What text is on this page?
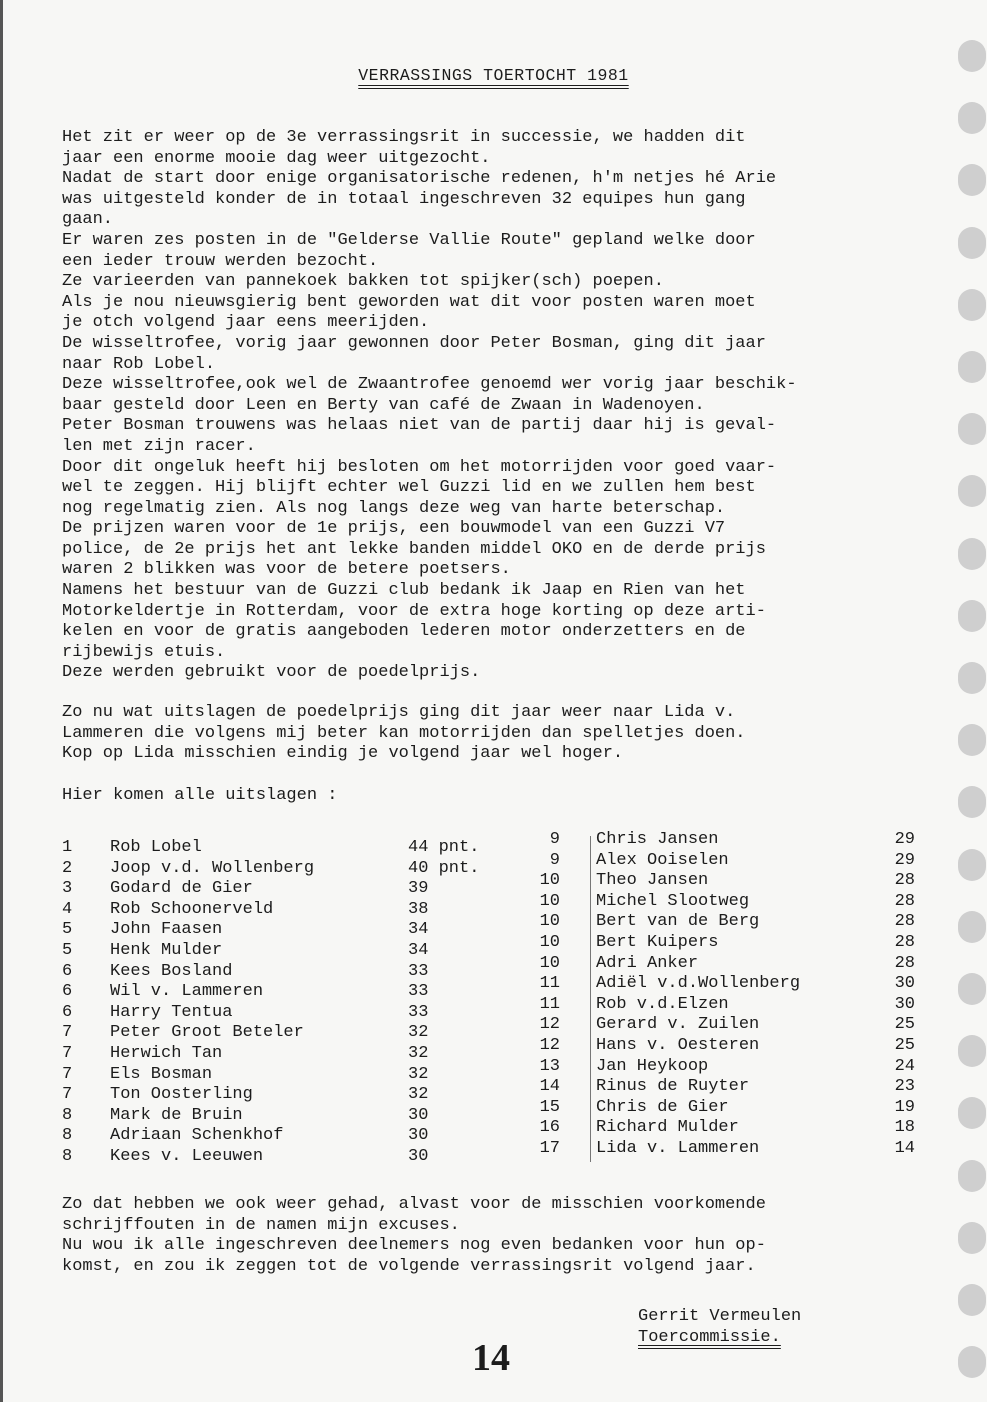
VERRASSINGS TOERTOCHT 1981
Het zit er weer op de 3e verrassingsrit in successie, we hadden dit
jaar een enorme mooie dag weer uitgezocht.
Nadat de start door enige organisatorische redenen, h'm netjes hé Arie
was uitgesteld konder de in totaal ingeschreven 32 equipes hun gang
gaan.
Er waren zes posten in de "Gelderse Vallie Route" gepland welke door
een ieder trouw werden bezocht.
Ze varieerden van pannekoek bakken tot spijker(sch) poepen.
Als je nou nieuwsgierig bent geworden wat dit voor posten waren moet
je otch volgend jaar eens meerijden.
De wisseltrofee, vorig jaar gewonnen door Peter Bosman, ging dit jaar
naar Rob Lobel.
Deze wisseltrofee,ook wel de Zwaantrofee genoemd wer vorig jaar beschik-
baar gesteld door Leen en Berty van café de Zwaan in Wadenoyen.
Peter Bosman trouwens was helaas niet van de partij daar hij is geval-
len met zijn racer.
Door dit ongeluk heeft hij besloten om het motorrijden voor goed vaar-
wel te zeggen. Hij blijft echter wel Guzzi lid en we zullen hem best
nog regelmatig zien. Als nog langs deze weg van harte beterschap.
De prijzen waren voor de 1e prijs, een bouwmodel van een Guzzi V7
police, de 2e prijs het ant lekke banden middel OKO en de derde prijs
waren 2 blikken was voor de betere poetsers.
Namens het bestuur van de Guzzi club bedank ik Jaap en Rien van het
Motorkeldertje in Rotterdam, voor de extra hoge korting op deze arti-
kelen en voor de gratis aangeboden lederen motor onderzetters en de
rijbewijs etuis.
Deze werden gebruikt voor de poedelprijs.
Zo nu wat uitslagen de poedelprijs ging dit jaar weer naar Lida v.
Lammeren die volgens mij beter kan motorrijden dan spelletjes doen.
Kop op Lida misschien eindig je volgend jaar wel hoger.
Hier komen alle uitslagen :
1 Rob Lobel	44 pnt.
2 Joop v.d. Wollenberg	40 pnt.
3 Godard de Gier	39
4 Rob Schoonerveld	38
5 John Faasen	34
5 Henk Mulder	34
6 Kees Bosland	33
6 Wil v. Lammeren	33
6 Harry Tentua	33
7 Peter Groot Beteler	32
7 Herwich Tan	32
7 Els Bosman	32
7 Ton Oosterling	32
8 Mark de Bruin	30
8 Adriaan Schenkhof	30
8 Kees v. Leeuwen	30
9 Chris Jansen	29
9 Alex Ooiselen	29
10 Theo Jansen	28
10 Michel Slootweg	28
10 Bert van de Berg	28
10 Bert Kuipers	28
10 Adri Anker	28
11 Adiël v.d.Wollenberg	30
11 Rob v.d.Elzen	30
12 Gerard v. Zuilen	25
12 Hans v. Oesteren	25
13 Jan Heykoop	24
14 Rinus de Ruyter	23
15 Chris de Gier	19
16 Richard Mulder	18
17 Lida v. Lammeren	14
Zo dat hebben we ook weer gehad, alvast voor de misschien voorkomende
schrijffouten in de namen mijn excuses.
Nu wou ik alle ingeschreven deelnemers nog even bedanken voor hun op-
komst, en zou ik zeggen tot de volgende verrassingsrit volgend jaar.
Gerrit Vermeulen
Toercommissie.
14
